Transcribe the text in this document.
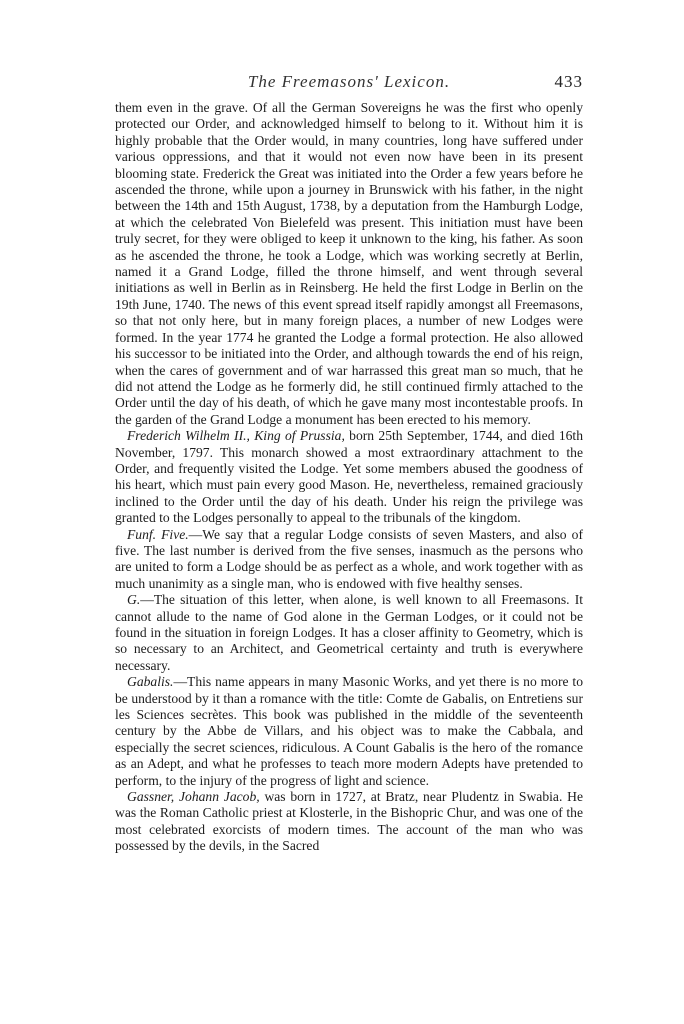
The Freemasons' Lexicon.	433

them even in the grave. Of all the German Sovereigns he was the first who openly protected our Order, and acknowledged himself to belong to it. Without him it is highly probable that the Order would, in many countries, long have suffered under various oppressions, and that it would not even now have been in its present blooming state. Frederick the Great was initiated into the Order a few years before he ascended the throne, while upon a journey in Brunswick with his father, in the night between the 14th and 15th August, 1738, by a deputation from the Hamburgh Lodge, at which the celebrated Von Bielefeld was present. This initiation must have been truly secret, for they were obliged to keep it unknown to the king, his father. As soon as he ascended the throne, he took a Lodge, which was working secretly at Berlin, named it a Grand Lodge, filled the throne himself, and went through several initiations as well in Berlin as in Reinsberg. He held the first Lodge in Berlin on the 19th June, 1740. The news of this event spread itself rapidly amongst all Freemasons, so that not only here, but in many foreign places, a number of new Lodges were formed. In the year 1774 he granted the Lodge a formal protection. He also allowed his successor to be initiated into the Order, and although towards the end of his reign, when the cares of government and of war harrassed this great man so much, that he did not attend the Lodge as he formerly did, he still continued firmly attached to the Order until the day of his death, of which he gave many most incontestable proofs. In the garden of the Grand Lodge a monument has been erected to his memory.

Frederich Wilhelm II., King of Prussia, born 25th September, 1744, and died 16th November, 1797. This monarch showed a most extraordinary attachment to the Order, and frequently visited the Lodge. Yet some members abused the goodness of his heart, which must pain every good Mason. He, nevertheless, remained graciously inclined to the Order until the day of his death. Under his reign the privilege was granted to the Lodges personally to appeal to the tribunals of the kingdom.

Funf. Five.—We say that a regular Lodge consists of seven Masters, and also of five. The last number is derived from the five senses, inasmuch as the persons who are united to form a Lodge should be as perfect as a whole, and work together with as much unanimity as a single man, who is endowed with five healthy senses.

G.—The situation of this letter, when alone, is well known to all Freemasons. It cannot allude to the name of God alone in the German Lodges, or it could not be found in the situation in foreign Lodges. It has a closer affinity to Geometry, which is so necessary to an Architect, and Geometrical certainty and truth is everywhere necessary.

Gabalis.—This name appears in many Masonic Works, and yet there is no more to be understood by it than a romance with the title: Comte de Gabalis, on Entretiens sur les Sciences secrètes. This book was published in the middle of the seventeenth century by the Abbe de Villars, and his object was to make the Cabbala, and especially the secret sciences, ridiculous. A Count Gabalis is the hero of the romance as an Adept, and what he professes to teach more modern Adepts have pretended to perform, to the injury of the progress of light and science.

Gassner, Johann Jacob, was born in 1727, at Bratz, near Pludentz in Swabia. He was the Roman Catholic priest at Klosterle, in the Bishopric Chur, and was one of the most celebrated exorcists of modern times. The account of the man who was possessed by the devils, in the Sacred
